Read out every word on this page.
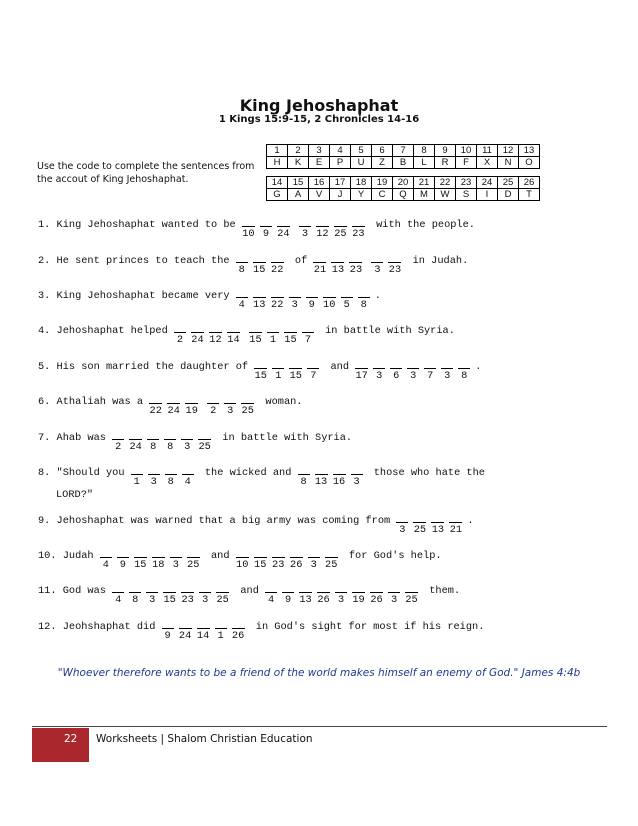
King Jehoshaphat
1 Kings 15:9-15, 2 Chronicles 14-16
Use the code to complete the sentences from the accout of King Jehoshaphat.
1	2	3	4	5	6	7	8	9	10	11	12	13
H	K	E	P	U	Z	B	L	R	F	X	N	O
14	15	16	17	18	19	20	21	22	23	24	25	26
G	A	V	J	Y	C	Q	M	W	S	I	D	T
1. King Jehoshaphat wanted to be
10 9 24 3 12 25 23
with the people.
2. He sent princes to teach the
8 15 22
of
21 13 23 3 23
in Judah.
3. King Jehoshaphat became very
4 13 22 3 9 10 5 8
.
4. Jehoshaphat helped
2 24 12 14 15 1 15 7
in battle with Syria.
5. His son married the daughter of
15 1 15 7
and
17 3 6 3 7 3 8
.
6. Athaliah was a
22 24 19 2 3 25
woman.
7. Ahab was
2 24 8 8 3 25
in battle with Syria.
8. "Should you
1 3 8 4
the wicked and
8 13 16 3
those who hate the
LORD?"
9. Jehoshaphat was warned that a big army was coming from
3 25 13 21
.
10. Judah
4 9 15 18 3 25
and
10 15 23 26 3 25
for God's help.
11. God was
4 8 3 15 23 3 25
and
4 9 13 26 3 19 26 3 25
them.
12. Jeohshaphat did
9 24 14 1 26
in God's sight for most if his reign.
"Whoever therefore wants to be a friend of the world makes himself an enemy of God." James 4:4b
22 Worksheets | Shalom Christian Education
